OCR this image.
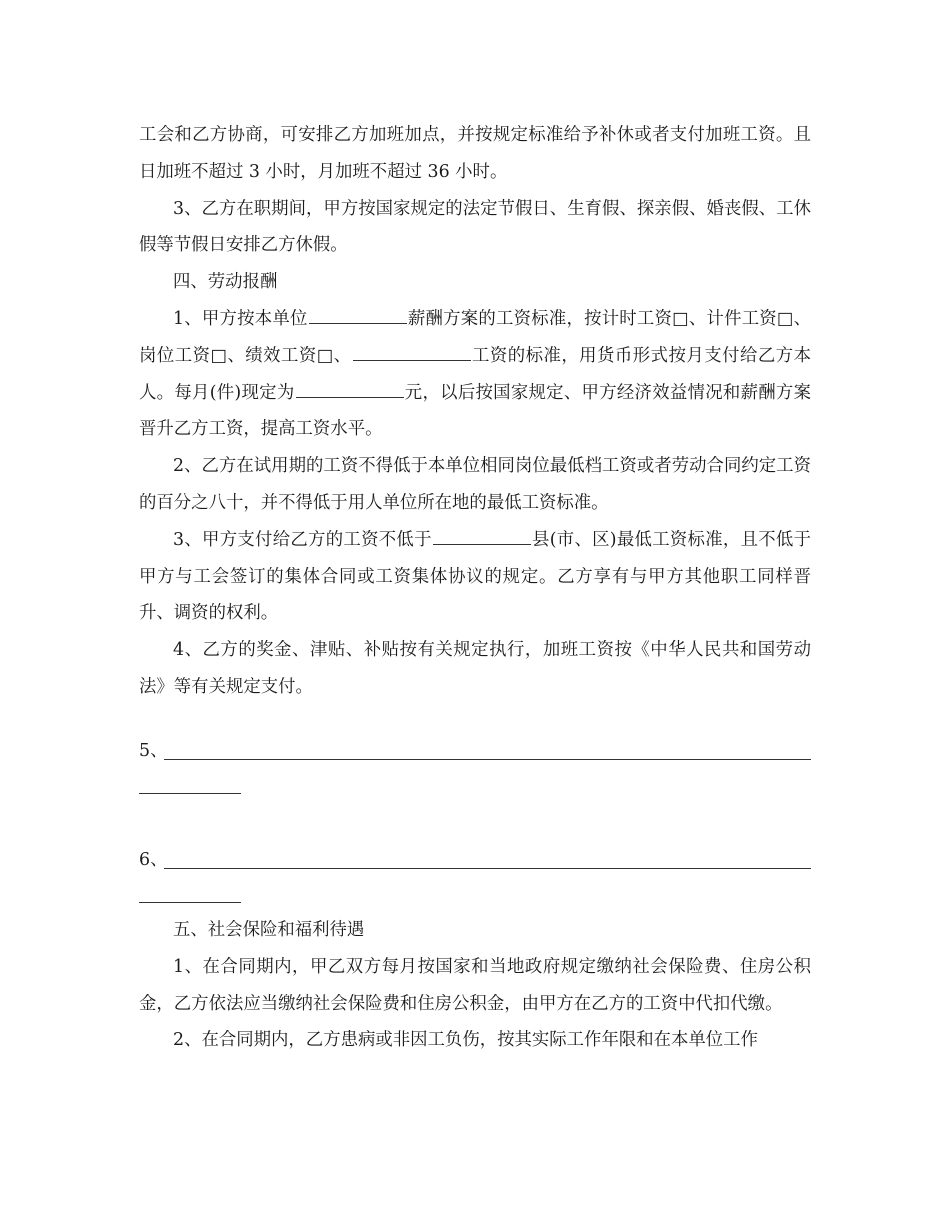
工会和乙方协商，可安排乙方加班加点，并按规定标准给予补休或者支付加班工资。且日加班不超过 3 小时，月加班不超过 36 小时。

3、乙方在职期间，甲方按国家规定的法定节假日、生育假、探亲假、婚丧假、工休假等节假日安排乙方休假。

四、劳动报酬

1、甲方按本单位	薪酬方案的工资标准，按计时工资□、计件工资□、岗位工资□、绩效工资□、	工资的标准，用货币形式按月支付给乙方本人。每月(件)现定为	元，以后按国家规定、甲方经济效益情况和薪酬方案晋升乙方工资，提高工资水平。

2、乙方在试用期的工资不得低于本单位相同岗位最低档工资或者劳动合同约定工资的百分之八十，并不得低于用人单位所在地的最低工资标准。

3、甲方支付给乙方的工资不低于	县(市、区)最低工资标准，且不低于甲方与工会签订的集体合同或工资集体协议的规定。乙方享有与甲方其他职工同样晋升、调资的权利。

4、乙方的奖金、津贴、补贴按有关规定执行，加班工资按《中华人民共和国劳动法》等有关规定支付。

5、
6、

五、社会保险和福利待遇

1、在合同期内，甲乙双方每月按国家和当地政府规定缴纳社会保险费、住房公积金，乙方依法应当缴纳社会保险费和住房公积金，由甲方在乙方的工资中代扣代缴。

2、在合同期内，乙方患病或非因工负伤，按其实际工作年限和在本单位工作
